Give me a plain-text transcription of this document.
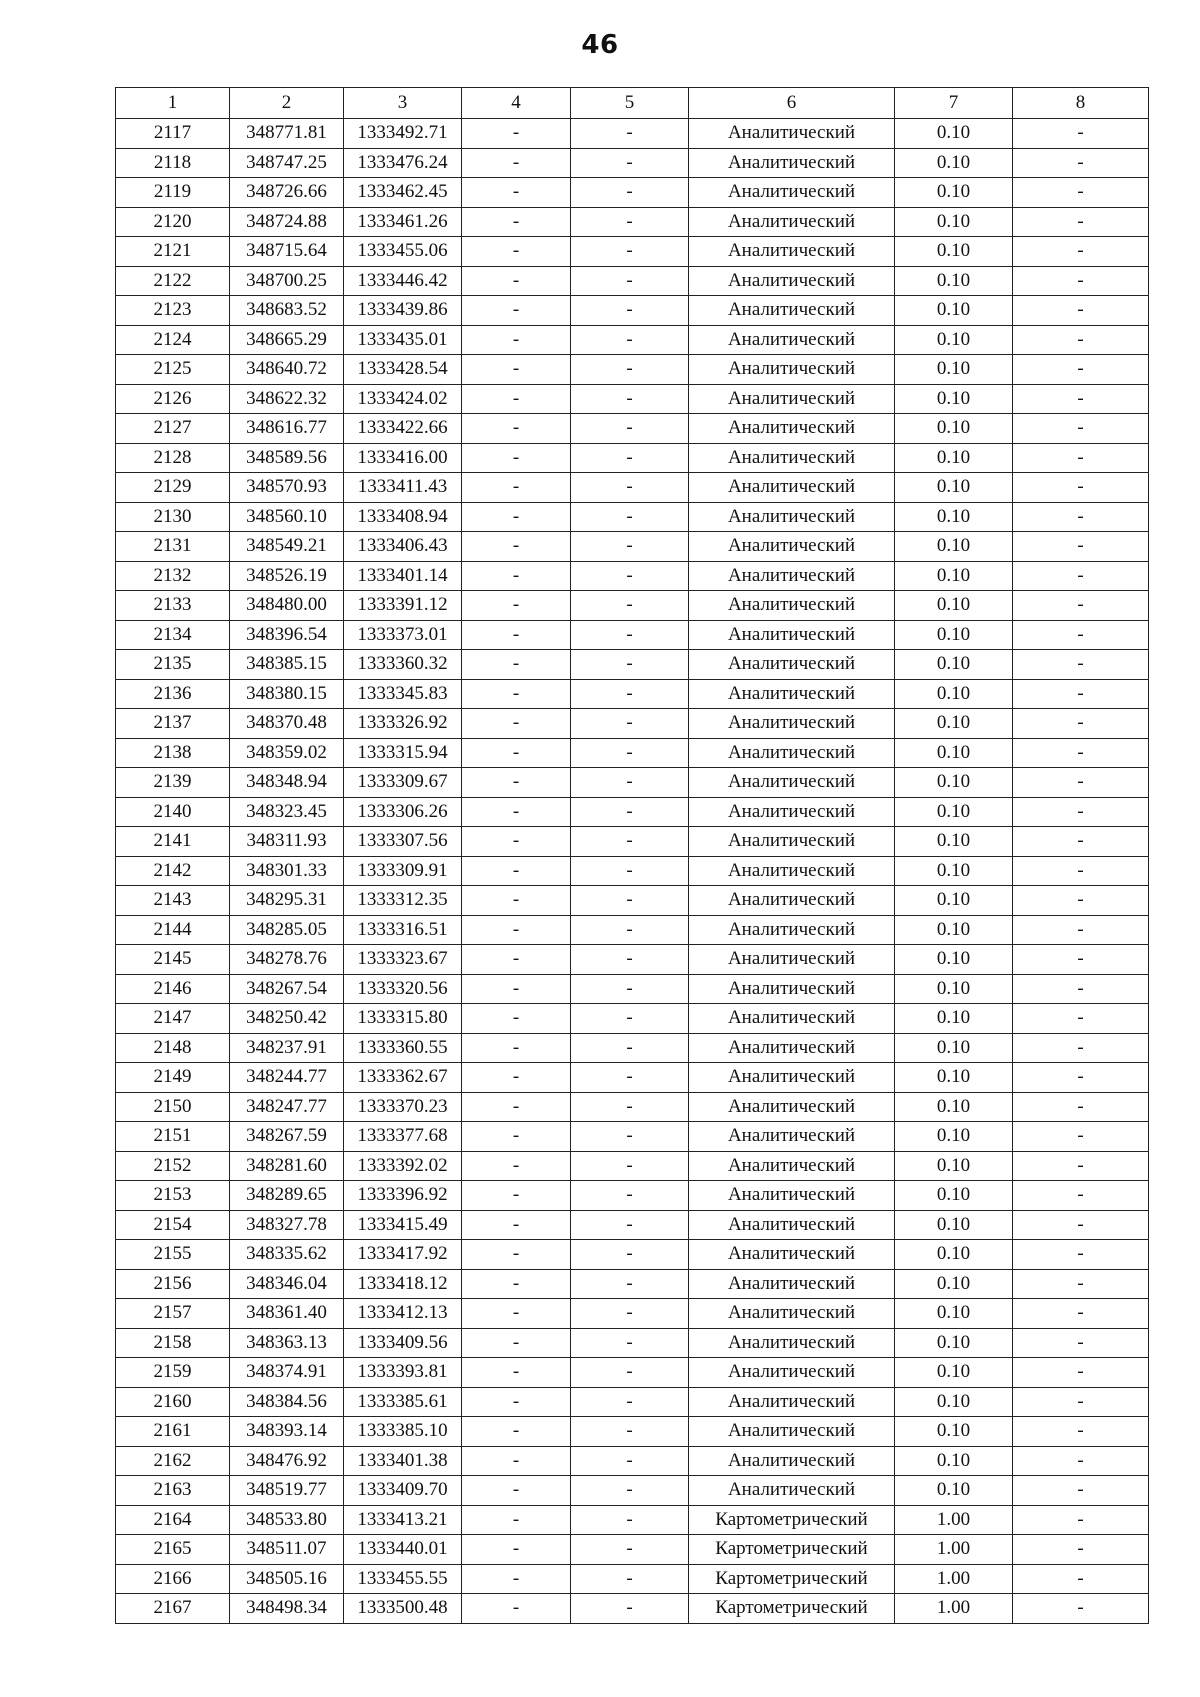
46
1	2	3	4	5	6	7	8
2117	348771.81	1333492.71	-	-	Аналитический	0.10	-
2118	348747.25	1333476.24	-	-	Аналитический	0.10	-
2119	348726.66	1333462.45	-	-	Аналитический	0.10	-
2120	348724.88	1333461.26	-	-	Аналитический	0.10	-
2121	348715.64	1333455.06	-	-	Аналитический	0.10	-
2122	348700.25	1333446.42	-	-	Аналитический	0.10	-
2123	348683.52	1333439.86	-	-	Аналитический	0.10	-
2124	348665.29	1333435.01	-	-	Аналитический	0.10	-
2125	348640.72	1333428.54	-	-	Аналитический	0.10	-
2126	348622.32	1333424.02	-	-	Аналитический	0.10	-
2127	348616.77	1333422.66	-	-	Аналитический	0.10	-
2128	348589.56	1333416.00	-	-	Аналитический	0.10	-
2129	348570.93	1333411.43	-	-	Аналитический	0.10	-
2130	348560.10	1333408.94	-	-	Аналитический	0.10	-
2131	348549.21	1333406.43	-	-	Аналитический	0.10	-
2132	348526.19	1333401.14	-	-	Аналитический	0.10	-
2133	348480.00	1333391.12	-	-	Аналитический	0.10	-
2134	348396.54	1333373.01	-	-	Аналитический	0.10	-
2135	348385.15	1333360.32	-	-	Аналитический	0.10	-
2136	348380.15	1333345.83	-	-	Аналитический	0.10	-
2137	348370.48	1333326.92	-	-	Аналитический	0.10	-
2138	348359.02	1333315.94	-	-	Аналитический	0.10	-
2139	348348.94	1333309.67	-	-	Аналитический	0.10	-
2140	348323.45	1333306.26	-	-	Аналитический	0.10	-
2141	348311.93	1333307.56	-	-	Аналитический	0.10	-
2142	348301.33	1333309.91	-	-	Аналитический	0.10	-
2143	348295.31	1333312.35	-	-	Аналитический	0.10	-
2144	348285.05	1333316.51	-	-	Аналитический	0.10	-
2145	348278.76	1333323.67	-	-	Аналитический	0.10	-
2146	348267.54	1333320.56	-	-	Аналитический	0.10	-
2147	348250.42	1333315.80	-	-	Аналитический	0.10	-
2148	348237.91	1333360.55	-	-	Аналитический	0.10	-
2149	348244.77	1333362.67	-	-	Аналитический	0.10	-
2150	348247.77	1333370.23	-	-	Аналитический	0.10	-
2151	348267.59	1333377.68	-	-	Аналитический	0.10	-
2152	348281.60	1333392.02	-	-	Аналитический	0.10	-
2153	348289.65	1333396.92	-	-	Аналитический	0.10	-
2154	348327.78	1333415.49	-	-	Аналитический	0.10	-
2155	348335.62	1333417.92	-	-	Аналитический	0.10	-
2156	348346.04	1333418.12	-	-	Аналитический	0.10	-
2157	348361.40	1333412.13	-	-	Аналитический	0.10	-
2158	348363.13	1333409.56	-	-	Аналитический	0.10	-
2159	348374.91	1333393.81	-	-	Аналитический	0.10	-
2160	348384.56	1333385.61	-	-	Аналитический	0.10	-
2161	348393.14	1333385.10	-	-	Аналитический	0.10	-
2162	348476.92	1333401.38	-	-	Аналитический	0.10	-
2163	348519.77	1333409.70	-	-	Аналитический	0.10	-
2164	348533.80	1333413.21	-	-	Картометрический	1.00	-
2165	348511.07	1333440.01	-	-	Картометрический	1.00	-
2166	348505.16	1333455.55	-	-	Картометрический	1.00	-
2167	348498.34	1333500.48	-	-	Картометрический	1.00	-
